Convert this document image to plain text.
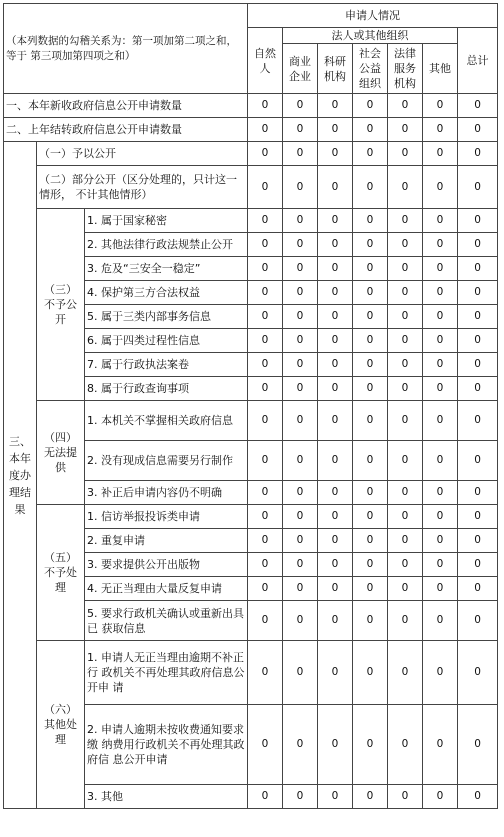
（本列数据的勾稽关系为：第一项加第二项之和，等于 第三项加第四项之和）			申请人情况						
			自然人	法人或其他组织					总计
				商业企业	科研机构	社会公益组织	法律服务机构	其他	
一、本年新收政府信息公开申请数量			0	0	0	0	0	0	0
二、上年结转政府信息公开申请数量			0	0	0	0	0	0	0
三、本年度办理结果	（一）予以公开		0	0	0	0	0	0	0
	（二）部分公开（区分处理的，只计这一情形， 不计其他情形）		0	0	0	0	0	0	0
	（三）不予公开	1. 属于国家秘密	0	0	0	0	0	0	0
		2. 其他法律行政法规禁止公开	0	0	0	0	0	0	0
		3. 危及“三安全一稳定”	0	0	0	0	0	0	0
		4. 保护第三方合法权益	0	0	0	0	0	0	0
		5. 属于三类内部事务信息	0	0	0	0	0	0	0
		6. 属于四类过程性信息	0	0	0	0	0	0	0
		7. 属于行政执法案卷	0	0	0	0	0	0	0
		8. 属于行政查询事项	0	0	0	0	0	0	0
	（四）无法提供	1. 本机关不掌握相关政府信息	0	0	0	0	0	0	0
		2. 没有现成信息需要另行制作	0	0	0	0	0	0	0
		3. 补正后申请内容仍不明确	0	0	0	0	0	0	0
	（五）不予处理	1. 信访举报投诉类申请	0	0	0	0	0	0	0
		2. 重复申请	0	0	0	0	0	0	0
		3. 要求提供公开出版物	0	0	0	0	0	0	0
		4. 无正当理由大量反复申请	0	0	0	0	0	0	0
		5. 要求行政机关确认或重新出具已 获取信息	0	0	0	0	0	0	0
	（六）其他处理	1. 申请人无正当理由逾期不补正行 政机关不再处理其政府信息公开申 请	0	0	0	0	0	0	0
		2. 申请人逾期未按收费通知要求缴 纳费用行政机关不再处理其政府信 息公开申请	0	0	0	0	0	0	0
		3. 其他	0	0	0	0	0	0	0
